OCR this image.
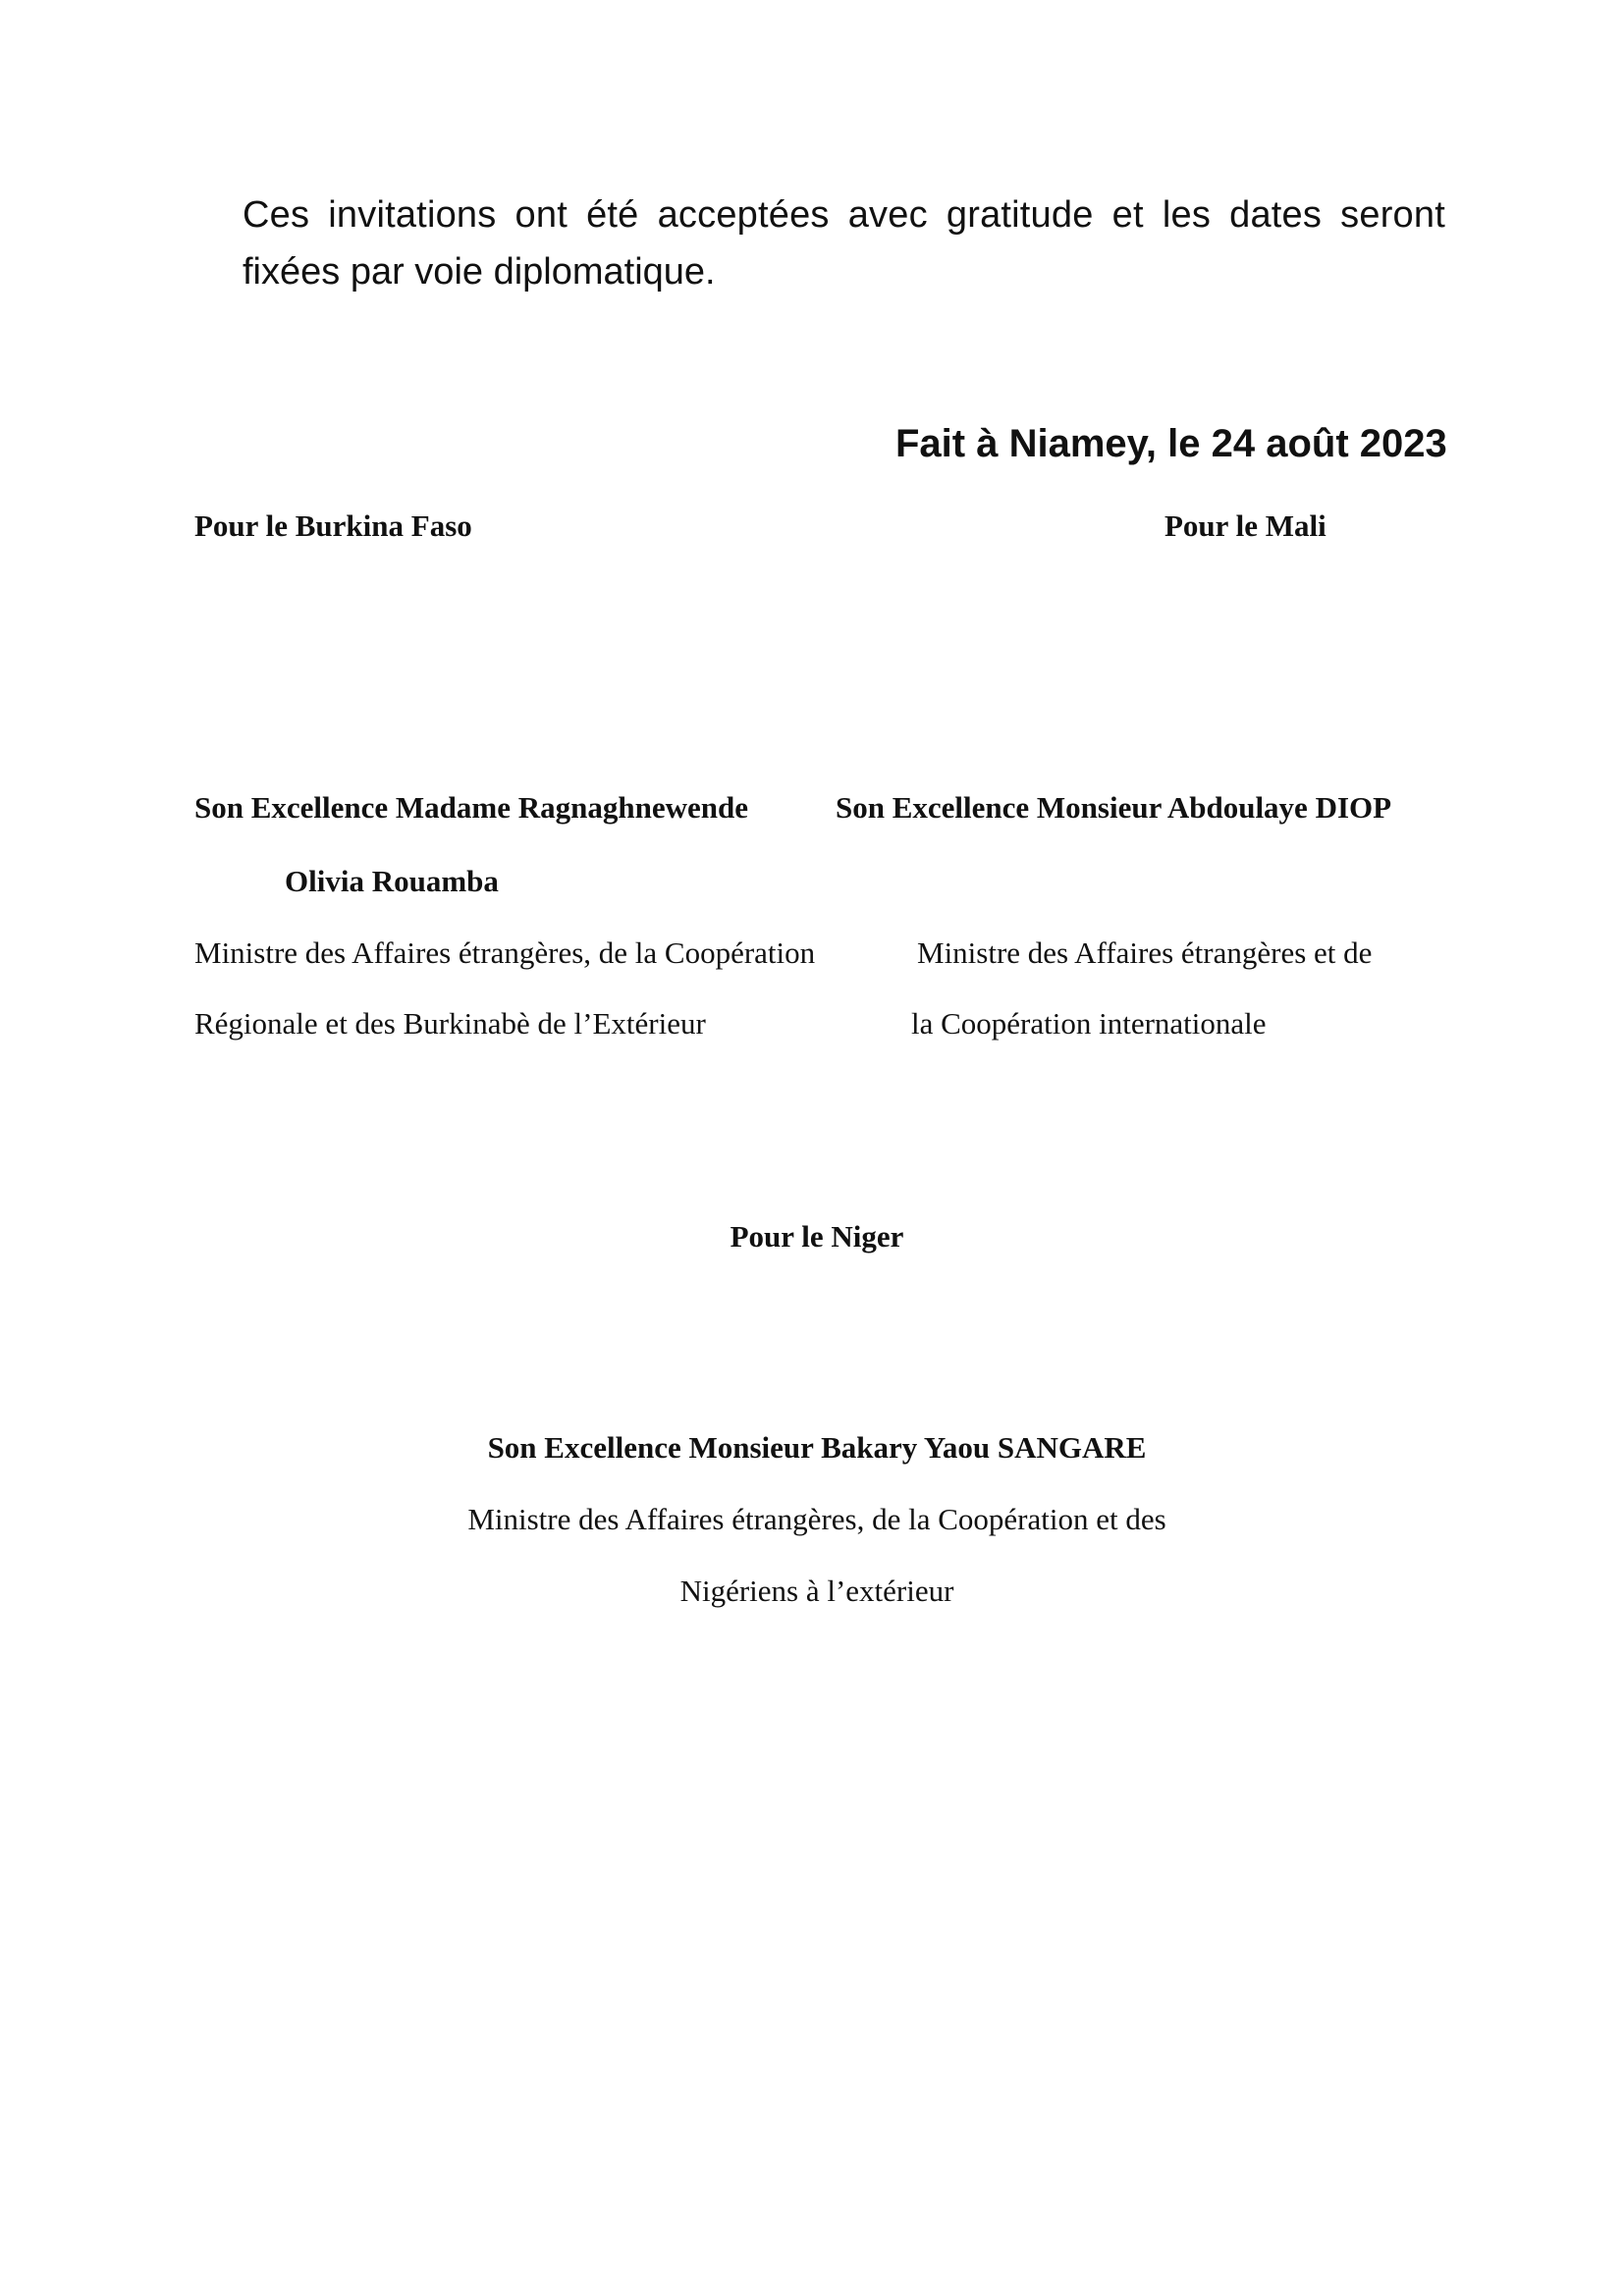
Ces invitations ont été acceptées avec gratitude et les dates seront
fixées par voie diplomatique.
Fait à Niamey, le 24 août 2023
Pour le Burkina Faso	Pour le Mali
Son Excellence Madame Ragnaghnewende
Olivia Rouamba
Son Excellence Monsieur Abdoulaye DIOP
Ministre des Affaires étrangères, de la Coopération
Régionale et des Burkinabè de l’Extérieur
Ministre des Affaires étrangères et de
la Coopération internationale
Pour le Niger
Son Excellence Monsieur Bakary Yaou SANGARE
Ministre des Affaires étrangères, de la Coopération et des
Nigériens à l’extérieur
